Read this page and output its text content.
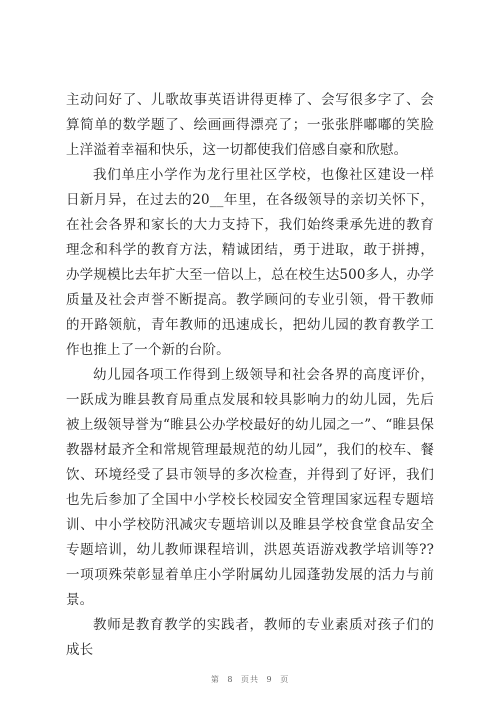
主动问好了、儿歌故事英语讲得更棒了、会写很多字了、会算简单的数学题了、绘画画得漂亮了；一张张胖嘟嘟的笑脸上洋溢着幸福和快乐，这一切都使我们倍感自豪和欣慰。

我们单庄小学作为龙行里社区学校，也像社区建设一样日新月异，在过去的20__年里，在各级领导的亲切关怀下，在社会各界和家长的大力支持下，我们始终秉承先进的教育理念和科学的教育方法，精诚团结，勇于进取，敢于拼搏，办学规模比去年扩大至一倍以上，总在校生达500多人，办学质量及社会声誉不断提高。教学顾问的专业引领，骨干教师的开路领航，青年教师的迅速成长，把幼儿园的教育教学工作也推上了一个新的台阶。

幼儿园各项工作得到上级领导和社会各界的高度评价，一跃成为睢县教育局重点发展和较具影响力的幼儿园，先后被上级领导誉为“睢县公办学校最好的幼儿园之一”、“睢县保教器材最齐全和常规管理最规范的幼儿园”，我们的校车、餐饮、环境经受了县市领导的多次检查，并得到了好评，我们也先后参加了全国中小学校长校园安全管理国家远程专题培训、中小学校防汛减灾专题培训以及睢县学校食堂食品安全专题培训，幼儿教师课程培训，洪恩英语游戏教学培训等??一项项殊荣彰显着单庄小学附属幼儿园蓬勃发展的活力与前景。

教师是教育教学的实践者，教师的专业素质对孩子们的成长

第 8 页共 9 页
